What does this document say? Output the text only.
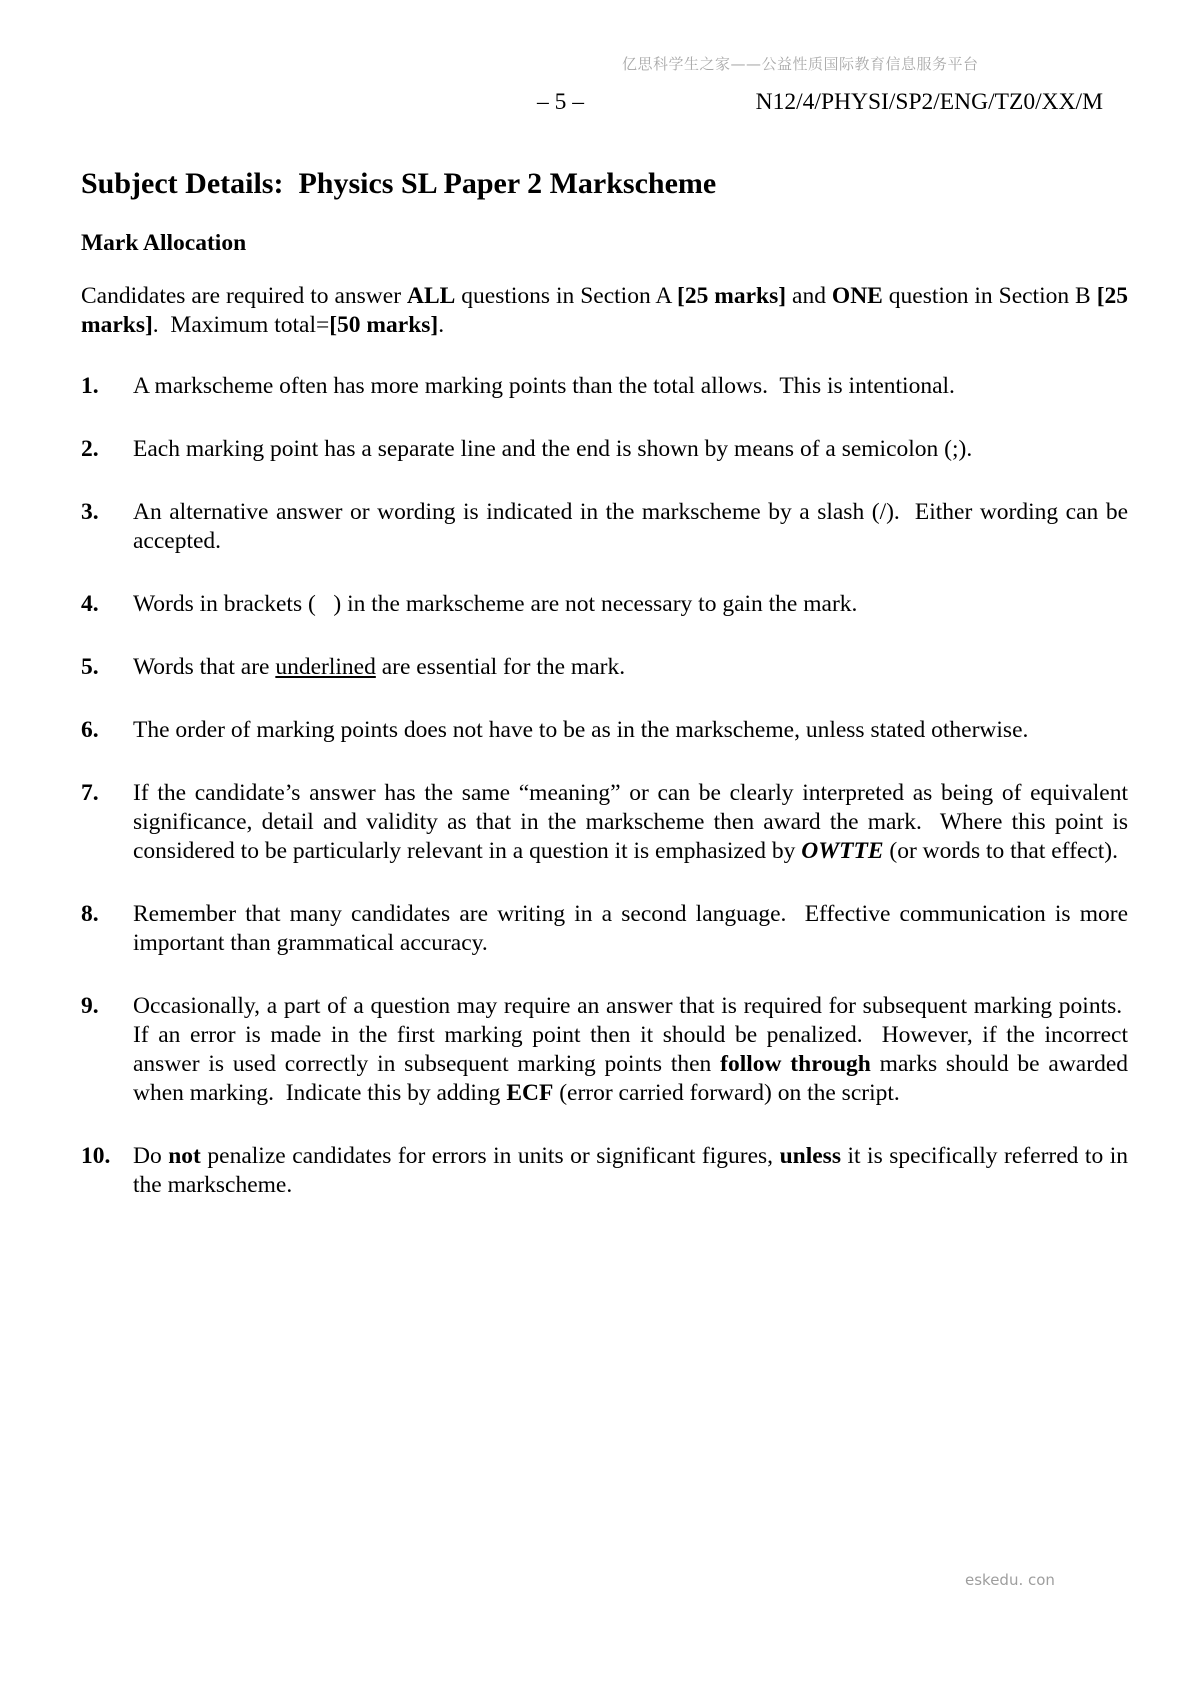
亿思科学生之家——公益性质国际教育信息服务平台
– 5 –	N12/4/PHYSI/SP2/ENG/TZ0/XX/M
Subject Details:  Physics SL Paper 2 Markscheme
Mark Allocation

Candidates are required to answer ALL questions in Section A [25 marks] and ONE question in Section B [25 marks].  Maximum total=[50 marks].

1.	A markscheme often has more marking points than the total allows.  This is intentional.
2.	Each marking point has a separate line and the end is shown by means of a semicolon (;).
3.	An alternative answer or wording is indicated in the markscheme by a slash (/).  Either wording can be accepted.
4.	Words in brackets (   ) in the markscheme are not necessary to gain the mark.
5.	Words that are underlined are essential for the mark.
6.	The order of marking points does not have to be as in the markscheme, unless stated otherwise.
7.	If the candidate’s answer has the same “meaning” or can be clearly interpreted as being of equivalent significance, detail and validity as that in the markscheme then award the mark.  Where this point is considered to be particularly relevant in a question it is emphasized by OWTTE (or words to that effect).
8.	Remember that many candidates are writing in a second language.  Effective communication is more important than grammatical accuracy.
9.	Occasionally, a part of a question may require an answer that is required for subsequent marking points.  If an error is made in the first marking point then it should be penalized.  However, if the incorrect answer is used correctly in subsequent marking points then follow through marks should be awarded when marking.  Indicate this by adding ECF (error carried forward) on the script.
10. Do not penalize candidates for errors in units or significant figures, unless it is specifically referred to in the markscheme.
eskedu. con
